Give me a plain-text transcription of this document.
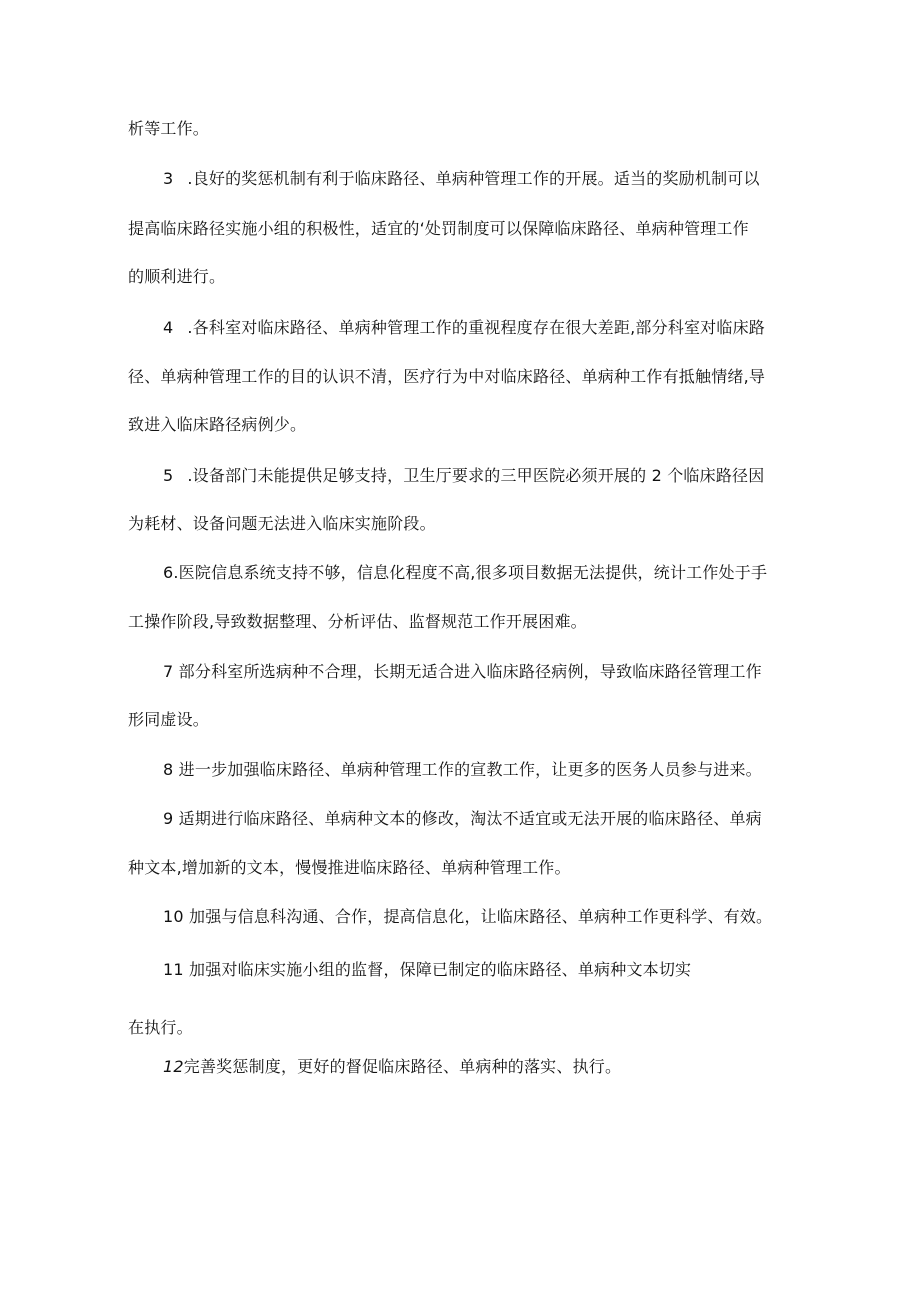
析等工作。
3 .良好的奖惩机制有利于临床路径、单病种管理工作的开展。适当的奖励机制可以
提高临床路径实施小组的积极性，适宜的‘处罚制度可以保障临床路径、单病种管理工作
的顺利进行。
4 .各科室对临床路径、单病种管理工作的重视程度存在很大差距,部分科室对临床路
径、单病种管理工作的目的认识不清，医疗行为中对临床路径、单病种工作有抵触情绪,导
致进入临床路径病例少。
5 .设备部门未能提供足够支持，卫生厅要求的三甲医院必须开展的 2 个临床路径因
为耗材、设备问题无法进入临床实施阶段。
6.医院信息系统支持不够，信息化程度不高,很多项目数据无法提供，统计工作处于手
工操作阶段,导致数据整理、分析评估、监督规范工作开展困难。
7 部分科室所选病种不合理，长期无适合进入临床路径病例，导致临床路径管理工作
形同虚设。
8 进一步加强临床路径、单病种管理工作的宣教工作，让更多的医务人员参与进来。
9 适期进行临床路径、单病种文本的修改，淘汰不适宜或无法开展的临床路径、单病
种文本,增加新的文本，慢慢推进临床路径、单病种管理工作。
10 加强与信息科沟通、合作，提高信息化，让临床路径、单病种工作更科学、有效。
11 加强对临床实施小组的监督，保障已制定的临床路径、单病种文本切实
在执行。
12完善奖惩制度，更好的督促临床路径、单病种的落实、执行。
